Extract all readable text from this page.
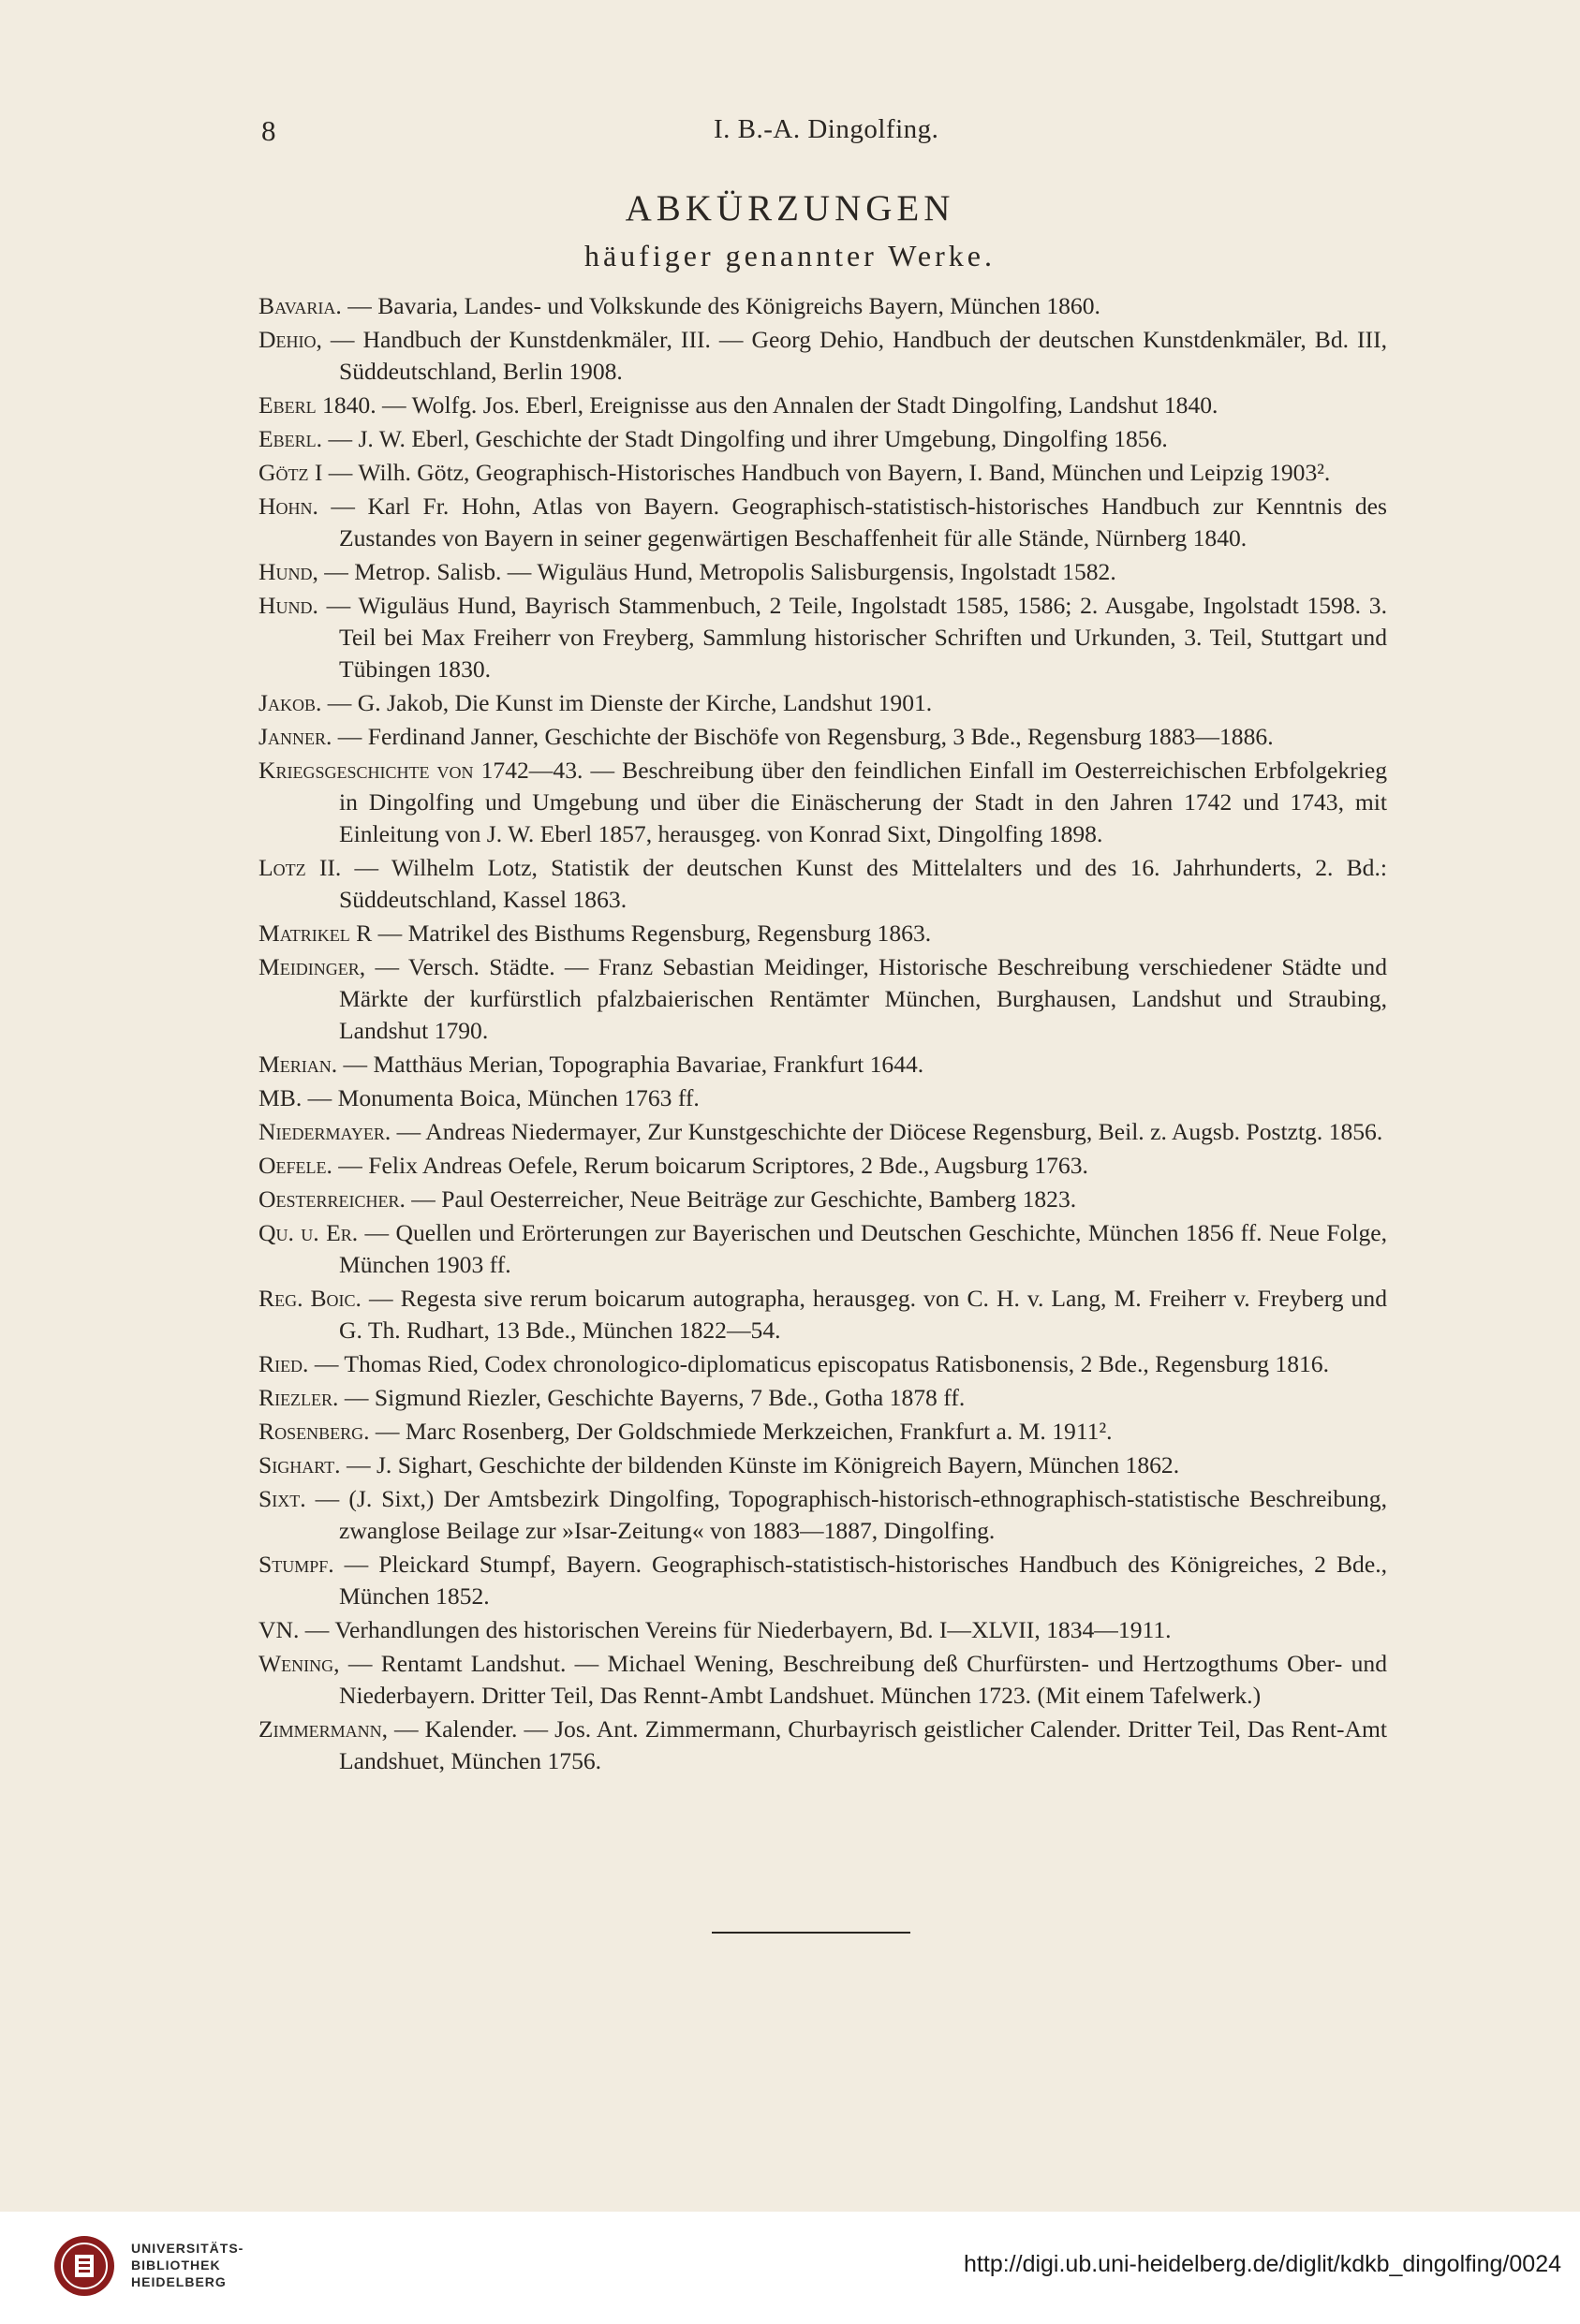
8	I. B.-A. Dingolfing.
ABKÜRZUNGEN
häufiger genannter Werke.

Bavaria. — Bavaria, Landes- und Volkskunde des Königreichs Bayern, München 1860.

Dehio, — Handbuch der Kunstdenkmäler, III. — Georg Dehio, Handbuch der deutschen Kunstdenkmäler, Bd. III, Süddeutschland, Berlin 1908.

Eberl 1840. — Wolfg. Jos. Eberl, Ereignisse aus den Annalen der Stadt Dingolfing, Landshut 1840.

Eberl. — J. W. Eberl, Geschichte der Stadt Dingolfing und ihrer Umgebung, Dingolfing 1856.

Götz I — Wilh. Götz, Geographisch-Historisches Handbuch von Bayern, I. Band, München und Leipzig 1903².

Hohn. — Karl Fr. Hohn, Atlas von Bayern. Geographisch-statistisch-historisches Handbuch zur Kenntnis des Zustandes von Bayern in seiner gegenwärtigen Beschaffenheit für alle Stände, Nürnberg 1840.

Hund, — Metrop. Salisb. — Wiguläus Hund, Metropolis Salisburgensis, Ingolstadt 1582.

Hund. — Wiguläus Hund, Bayrisch Stammenbuch, 2 Teile, Ingolstadt 1585, 1586; 2. Ausgabe, Ingolstadt 1598. 3. Teil bei Max Freiherr von Freyberg, Sammlung historischer Schriften und Urkunden, 3. Teil, Stuttgart und Tübingen 1830.

Jakob. — G. Jakob, Die Kunst im Dienste der Kirche, Landshut 1901.

Janner. — Ferdinand Janner, Geschichte der Bischöfe von Regensburg, 3 Bde., Regensburg 1883—1886.

Kriegsgeschichte von 1742—43. — Beschreibung über den feindlichen Einfall im Oesterreichischen Erbfolgekrieg in Dingolfing und Umgebung und über die Einäscherung der Stadt in den Jahren 1742 und 1743, mit Einleitung von J. W. Eberl 1857, herausgeg. von Konrad Sixt, Dingolfing 1898.

Lotz II. — Wilhelm Lotz, Statistik der deutschen Kunst des Mittelalters und des 16. Jahrhunderts, 2. Bd.: Süddeutschland, Kassel 1863.

Matrikel R — Matrikel des Bisthums Regensburg, Regensburg 1863.

Meidinger, — Versch. Städte. — Franz Sebastian Meidinger, Historische Beschreibung verschiedener Städte und Märkte der kurfürstlich pfalzbaierischen Rentämter München, Burghausen, Landshut und Straubing, Landshut 1790.

Merian. — Matthäus Merian, Topographia Bavariae, Frankfurt 1644.

MB. — Monumenta Boica, München 1763 ff.

Niedermayer. — Andreas Niedermayer, Zur Kunstgeschichte der Diöcese Regensburg, Beil. z. Augsb. Postztg. 1856.

Oefele. — Felix Andreas Oefele, Rerum boicarum Scriptores, 2 Bde., Augsburg 1763.

Oesterreicher. — Paul Oesterreicher, Neue Beiträge zur Geschichte, Bamberg 1823.

Qu. u. Er. — Quellen und Erörterungen zur Bayerischen und Deutschen Geschichte, München 1856 ff. Neue Folge, München 1903 ff.

Reg. Boic. — Regesta sive rerum boicarum autographa, herausgeg. von C. H. v. Lang, M. Freiherr v. Freyberg und G. Th. Rudhart, 13 Bde., München 1822—54.

Ried. — Thomas Ried, Codex chronologico-diplomaticus episcopatus Ratisbonensis, 2 Bde., Regensburg 1816.

Riezler. — Sigmund Riezler, Geschichte Bayerns, 7 Bde., Gotha 1878 ff.

Rosenberg. — Marc Rosenberg, Der Goldschmiede Merkzeichen, Frankfurt a. M. 1911².

Sighart. — J. Sighart, Geschichte der bildenden Künste im Königreich Bayern, München 1862.

Sixt. — (J. Sixt,) Der Amtsbezirk Dingolfing, Topographisch-historisch-ethnographisch-statistische Beschreibung, zwanglose Beilage zur »Isar-Zeitung« von 1883—1887, Dingolfing.

Stumpf. — Pleickard Stumpf, Bayern. Geographisch-statistisch-historisches Handbuch des Königreiches, 2 Bde., München 1852.

VN. — Verhandlungen des historischen Vereins für Niederbayern, Bd. I—XLVII, 1834—1911.

Wening, — Rentamt Landshut. — Michael Wening, Beschreibung deß Churfürsten- und Hertzogthums Ober- und Niederbayern. Dritter Teil, Das Rennt-Ambt Landshuet. München 1723. (Mit einem Tafelwerk.)

Zimmermann, — Kalender. — Jos. Ant. Zimmermann, Churbayrisch geistlicher Calender. Dritter Teil, Das Rent-Amt Landshuet, München 1756.

UNIVERSITÄTS-
BIBLIOTHEK
HEIDELBERG
http://digi.ub.uni-heidelberg.de/diglit/kdkb_dingolfing/0024
